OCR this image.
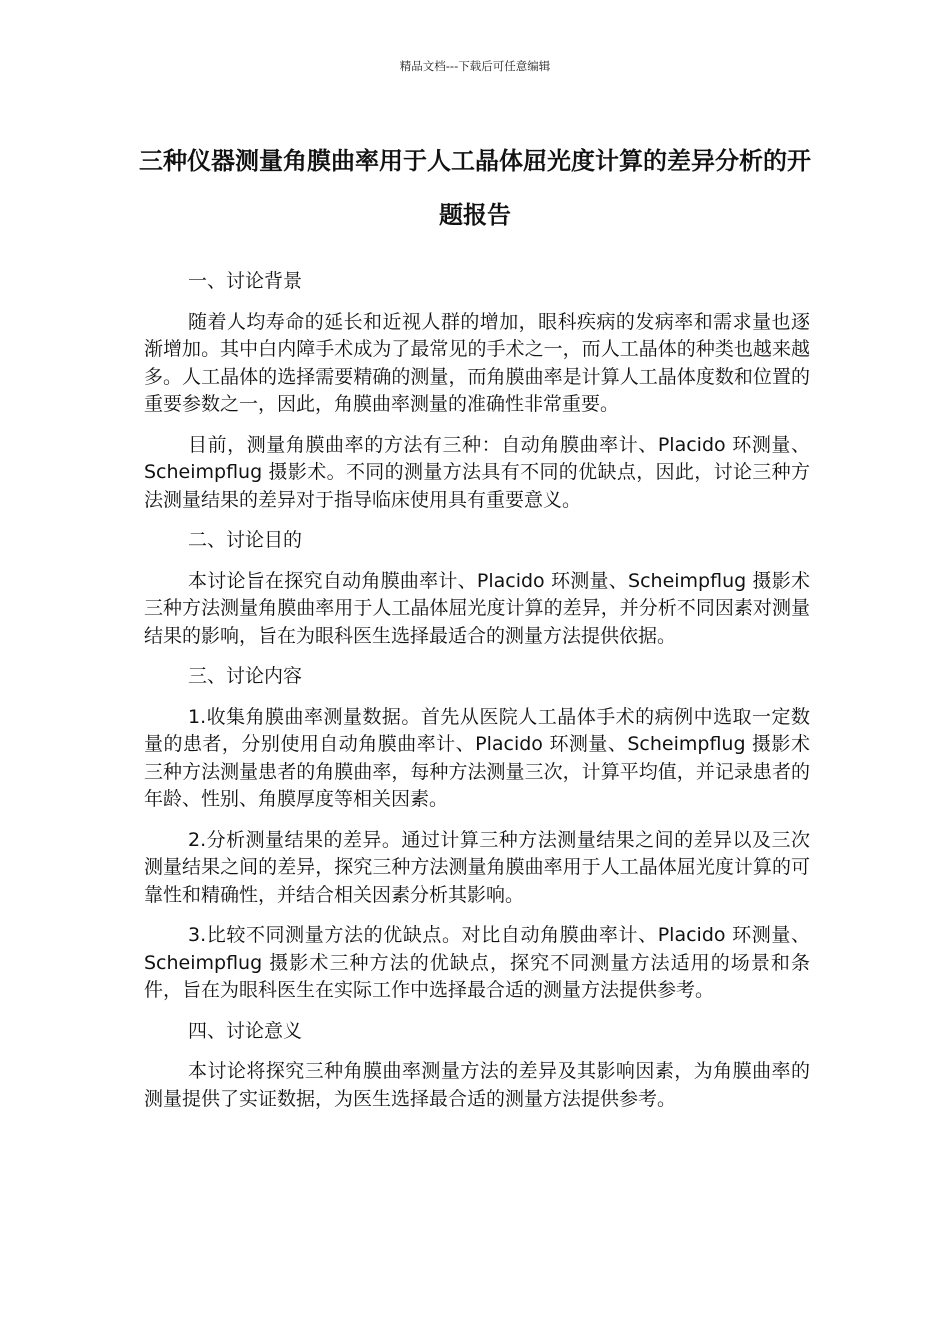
精品文档---下载后可任意编辑
三种仪器测量角膜曲率用于人工晶体屈光度计算的差异分析的开题报告

一、讨论背景

随着人均寿命的延长和近视人群的增加，眼科疾病的发病率和需求量也逐渐增加。其中白内障手术成为了最常见的手术之一，而人工晶体的种类也越来越多。人工晶体的选择需要精确的测量，而角膜曲率是计算人工晶体度数和位置的重要参数之一，因此，角膜曲率测量的准确性非常重要。

目前，测量角膜曲率的方法有三种：自动角膜曲率计、Placido 环测量、Scheimpflug 摄影术。不同的测量方法具有不同的优缺点，因此，讨论三种方法测量结果的差异对于指导临床使用具有重要意义。

二、讨论目的

本讨论旨在探究自动角膜曲率计、Placido 环测量、Scheimpflug 摄影术三种方法测量角膜曲率用于人工晶体屈光度计算的差异，并分析不同因素对测量结果的影响，旨在为眼科医生选择最适合的测量方法提供依据。

三、讨论内容

1.收集角膜曲率测量数据。首先从医院人工晶体手术的病例中选取一定数量的患者，分别使用自动角膜曲率计、Placido 环测量、Scheimpflug 摄影术三种方法测量患者的角膜曲率，每种方法测量三次，计算平均值，并记录患者的年龄、性别、角膜厚度等相关因素。

2.分析测量结果的差异。通过计算三种方法测量结果之间的差异以及三次测量结果之间的差异，探究三种方法测量角膜曲率用于人工晶体屈光度计算的可靠性和精确性，并结合相关因素分析其影响。

3.比较不同测量方法的优缺点。对比自动角膜曲率计、Placido 环测量、Scheimpflug 摄影术三种方法的优缺点，探究不同测量方法适用的场景和条件，旨在为眼科医生在实际工作中选择最合适的测量方法提供参考。

四、讨论意义

本讨论将探究三种角膜曲率测量方法的差异及其影响因素，为角膜曲率的测量提供了实证数据，为医生选择最合适的测量方法提供参考。
